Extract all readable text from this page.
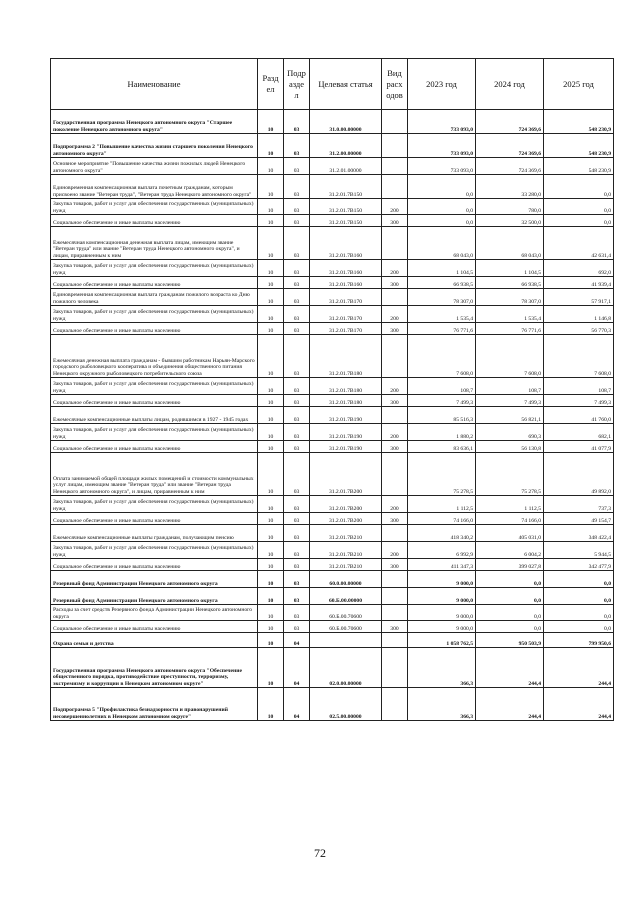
Наименование	Разд ел	Подр азде л	Целевая статья	Вид расх одов	2023 год	2024 год	2025 год
Государственная программа Ненецкого автономного округа "Старшее поколение Ненецкого автономного округа"	10	03	31.0.00.00000		733 093,0	724 369,6	548 230,9
Подпрограмма 2 "Повышение качества жизни старшего поколения Ненецкого автономного округа"	10	03	31.2.00.00000		733 093,0	724 369,6	548 230,9
Основное мероприятие "Повышение качества жизни пожилых людей Ненецкого автономного округа"	10	03	31.2.01.00000		733 093,0	724 369,6	548 230,9
Единовременная компенсационная выплата почетным гражданам, которым присвоено звание "Ветеран труда", "Ветеран труда Ненецкого автономного округа"	10	03	31.2.01.7В150		0,0	33 280,0	0,0
Закупка товаров, работ и услуг для обеспечения государственных (муниципальных) нужд	10	03	31.2.01.7В150	200	0,0	780,0	0,0
Социальное обеспечение и иные выплаты населению	10	03	31.2.01.7В150	300	0,0	32 500,0	0,0
Ежемесячная компенсационная денежная выплата лицам, имеющим звание "Ветеран труда" или звание "Ветеран труда Ненецкого автономного округа", и лицам, приравненным к ним	10	03	31.2.01.7В160		68 043,0	68 043,0	42 631,4
Закупка товаров, работ и услуг для обеспечения государственных (муниципальных) нужд	10	03	31.2.01.7В160	200	1 104,5	1 104,5	692,0
Социальное обеспечение и иные выплаты населению	10	03	31.2.01.7В160	300	66 938,5	66 938,5	41 939,4
Единовременная компенсационная выплата гражданам пожилого возраста ко Дню пожилого человека	10	03	31.2.01.7В170		78 307,0	78 307,0	57 917,1
Закупка товаров, работ и услуг для обеспечения государственных (муниципальных) нужд	10	03	31.2.01.7В170	200	1 535,4	1 535,4	1 146,8
Социальное обеспечение и иные выплаты населению	10	03	31.2.01.7В170	300	76 771,6	76 771,6	56 770,3
Ежемесячная денежная выплата гражданам - бывшим работникам Нарьян-Марского городского рыболовецкого кооператива и объединения общественного питания Ненецкого окружного рыболовецкого потребительского союза	10	03	31.2.01.7В180		7 608,0	7 608,0	7 608,0
Закупка товаров, работ и услуг для обеспечения государственных (муниципальных) нужд	10	03	31.2.01.7В180	200	108,7	108,7	108,7
Социальное обеспечение и иные выплаты населению	10	03	31.2.01.7В180	300	7 499,3	7 499,3	7 499,3
Ежемесячные компенсационные выплаты лицам, родившимся в 1927 - 1945 годах	10	03	31.2.01.7В190		85 516,3	56 821,1	41 760,0
Закупка товаров, работ и услуг для обеспечения государственных (муниципальных) нужд	10	03	31.2.01.7В190	200	1 880,2	690,3	682,1
Социальное обеспечение и иные выплаты населению	10	03	31.2.01.7В190	300	83 636,1	56 130,8	41 077,9
Оплата занимаемой общей площади жилых помещений и стоимости коммунальных услуг лицам, имеющим звание "Ветеран труда" или звание "Ветеран труда Ненецкого автономного округа", и лицам, приравненным к ним	10	03	31.2.01.7В200		75 278,5	75 278,5	49 892,0
Закупка товаров, работ и услуг для обеспечения государственных (муниципальных) нужд	10	03	31.2.01.7В200	200	1 112,5	1 112,5	737,3
Социальное обеспечение и иные выплаты населению	10	03	31.2.01.7В200	300	74 166,0	74 166,0	49 154,7
Ежемесячные компенсационные выплаты гражданам, получающим пенсию	10	03	31.2.01.7В210		418 340,2	405 031,0	348 422,4
Закупка товаров, работ и услуг для обеспечения государственных (муниципальных) нужд	10	03	31.2.01.7В210	200	6 992,9	6 004,2	5 944,5
Социальное обеспечение и иные выплаты населению	10	03	31.2.01.7В210	300	411 347,3	399 027,8	342 477,9
Резервный фонд Администрации Ненецкого автономного округа	10	03	60.0.00.00000		9 000,0	0,0	0,0
Резервный фонд Администрации Ненецкого автономного округа	10	03	60.Б.00.00000		9 000,0	0,0	0,0
Расходы за счет средств Резервного фонда Администрации Ненецкого автономного округа	10	03	60.Б.00.70600		9 000,0	0,0	0,0
Социальное обеспечение и иные выплаты населению	10	03	60.Б.00.70600	300	9 000,0	0,0	0,0
Охрана семьи и детства	10	04			1 058 762,5	950 503,9	799 950,6
Государственная программа Ненецкого автономного округа "Обеспечение общественного порядка, противодействие преступности, терроризму, экстремизму и коррупции в Ненецком автономном округе"	10	04	02.0.00.00000		366,3	244,4	244,4
Подпрограмма 5 "Профилактика безнадзорности и правонарушений несовершеннолетних в Ненецком автономном округе"	10	04	02.5.00.00000		366,3	244,4	244,4
72
